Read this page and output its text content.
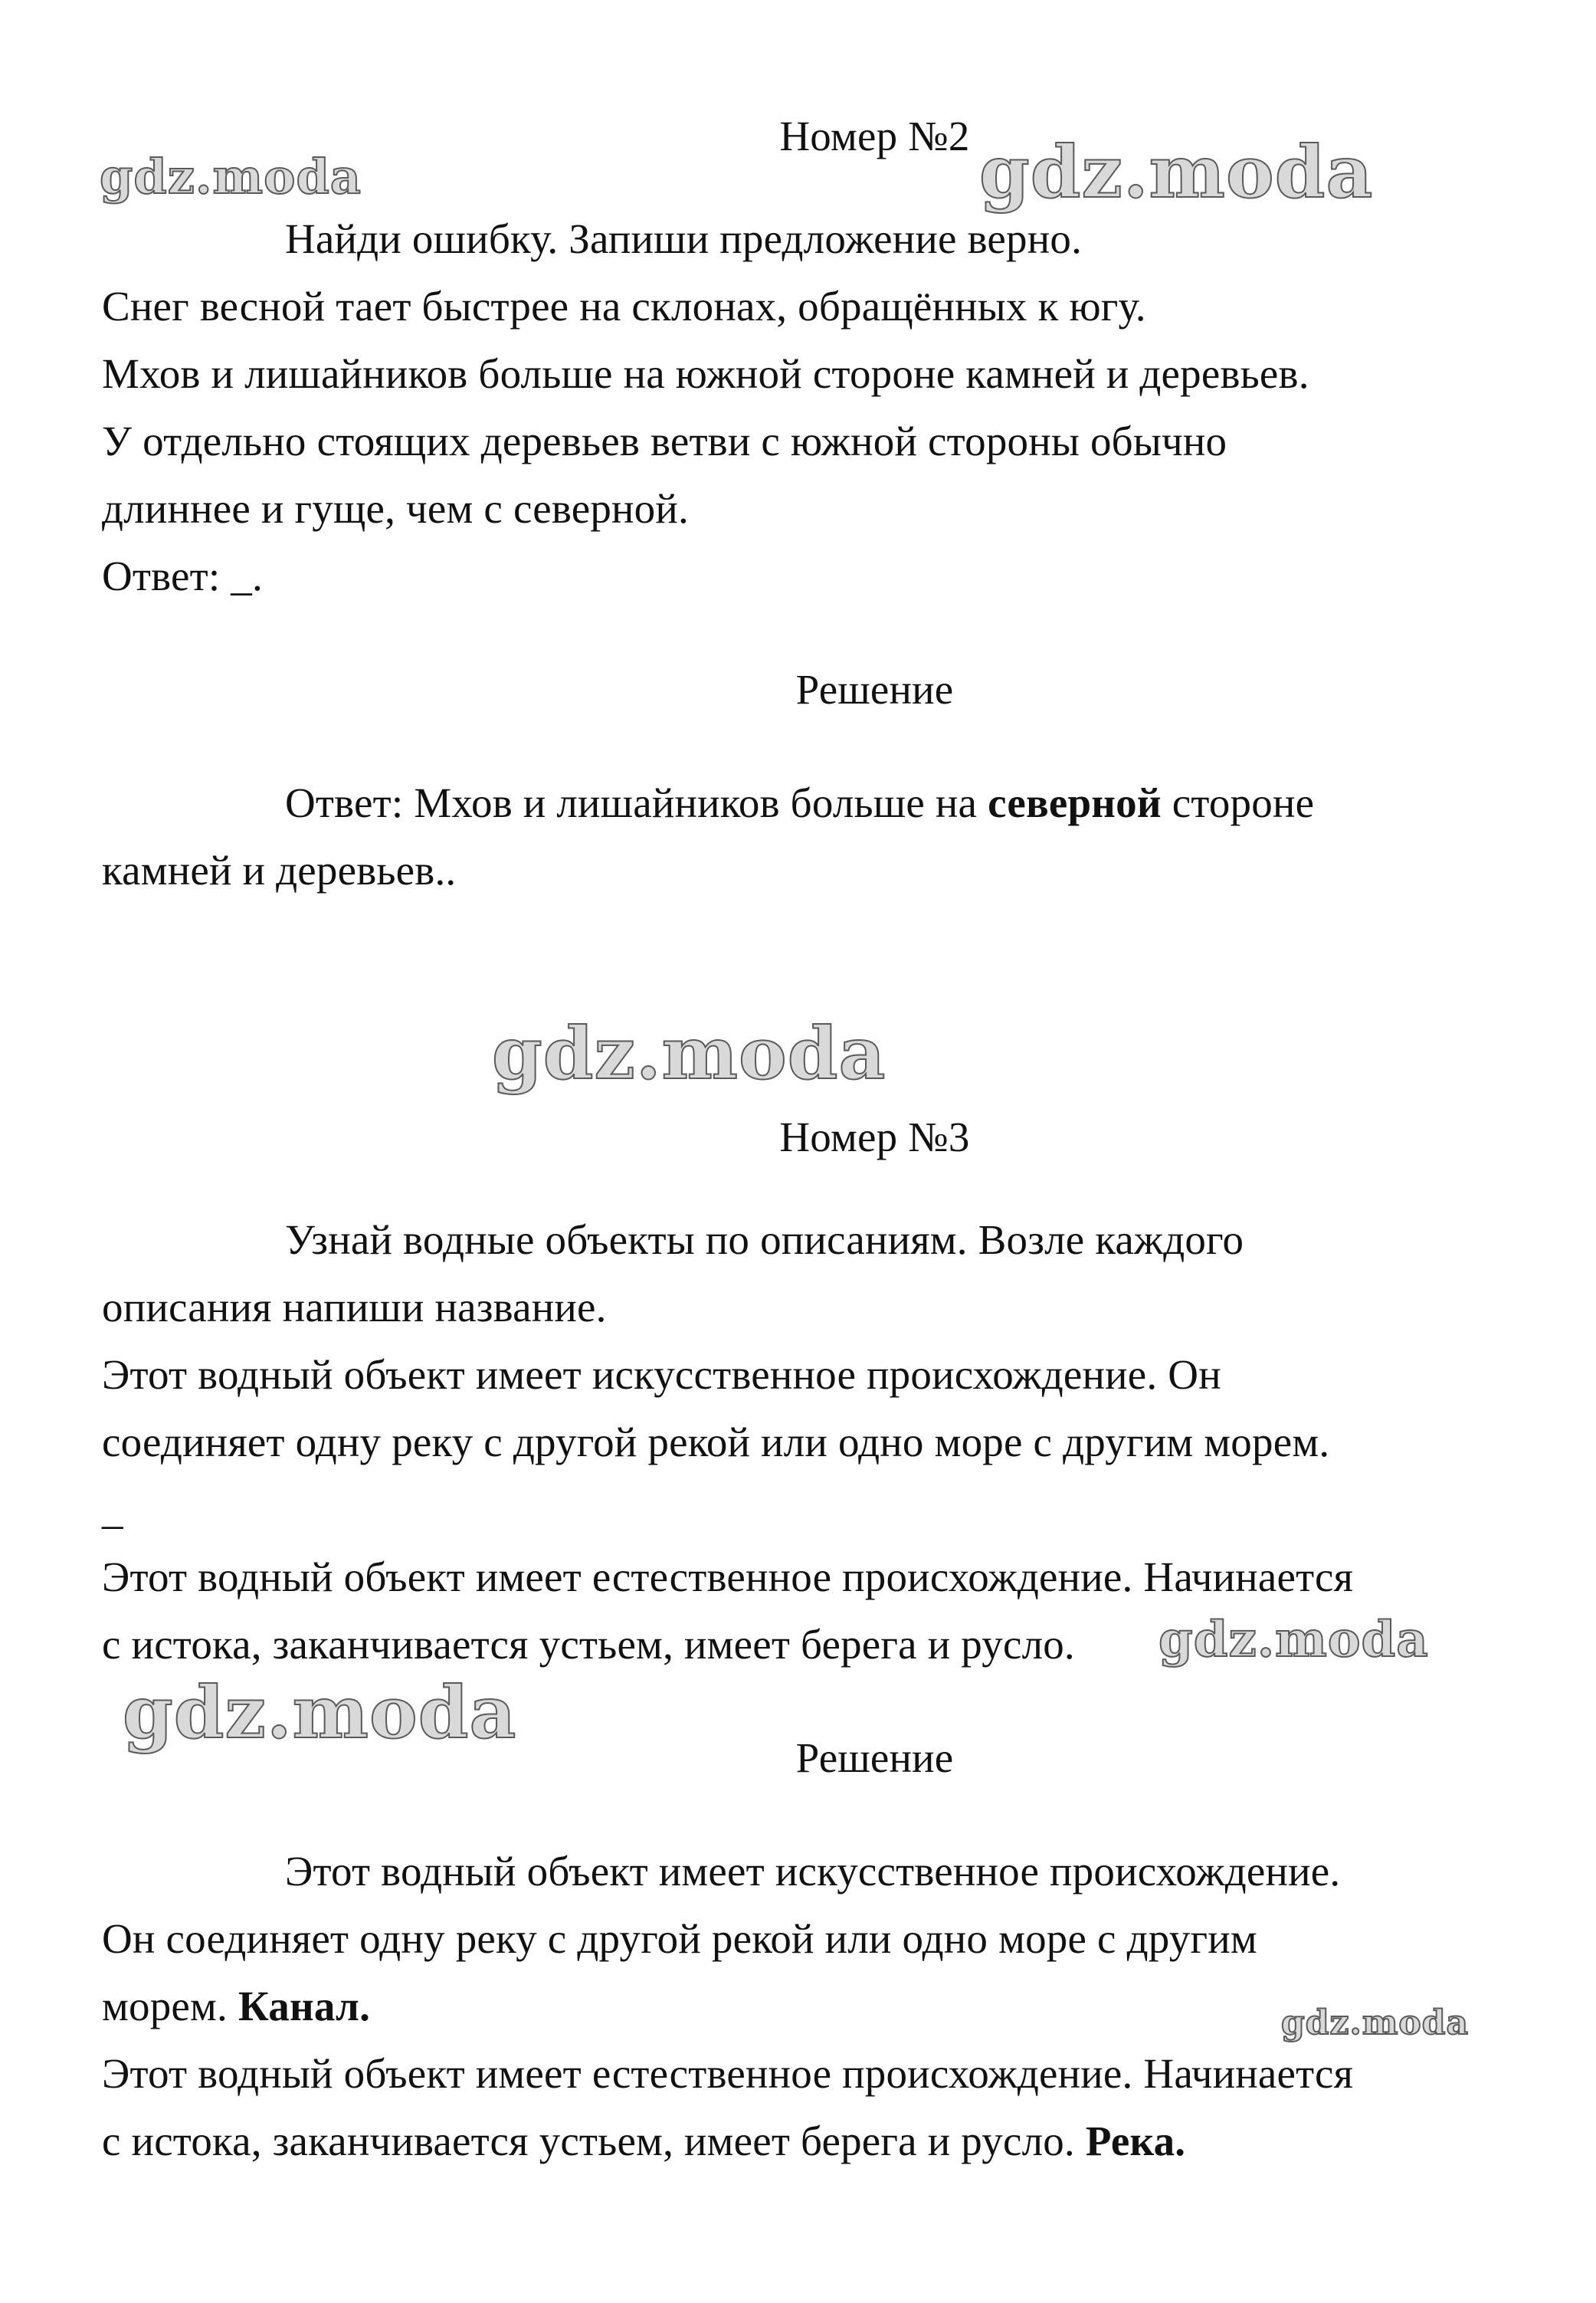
gdz.moda	gdz.moda
gdz.moda
gdz.moda
gdz.moda
gdz.moda
Номер №2
Найди ошибку. Запиши предложение верно.
Снег весной тает быстрее на склонах, обращённых к югу.
Мхов и лишайников больше на южной стороне камней и деревьев.
У отдельно стоящих деревьев ветви с южной стороны обычно
длиннее и гуще, чем с северной.
Ответ: _.
Решение
Ответ: Мхов и лишайников больше на северной стороне
камней и деревьев..
Номер №3
Узнай водные объекты по описаниям. Возле каждого
описания напиши название.
Этот водный объект имеет искусственное происхождение. Он
соединяет одну реку с другой рекой или одно море с другим морем.
_
Этот водный объект имеет естественное происхождение. Начинается
с истока, заканчивается устьем, имеет берега и русло.
Решение
Этот водный объект имеет искусственное происхождение.
Он соединяет одну реку с другой рекой или одно море с другим
морем. Канал.
Этот водный объект имеет естественное происхождение. Начинается
с истока, заканчивается устьем, имеет берега и русло. Река.
